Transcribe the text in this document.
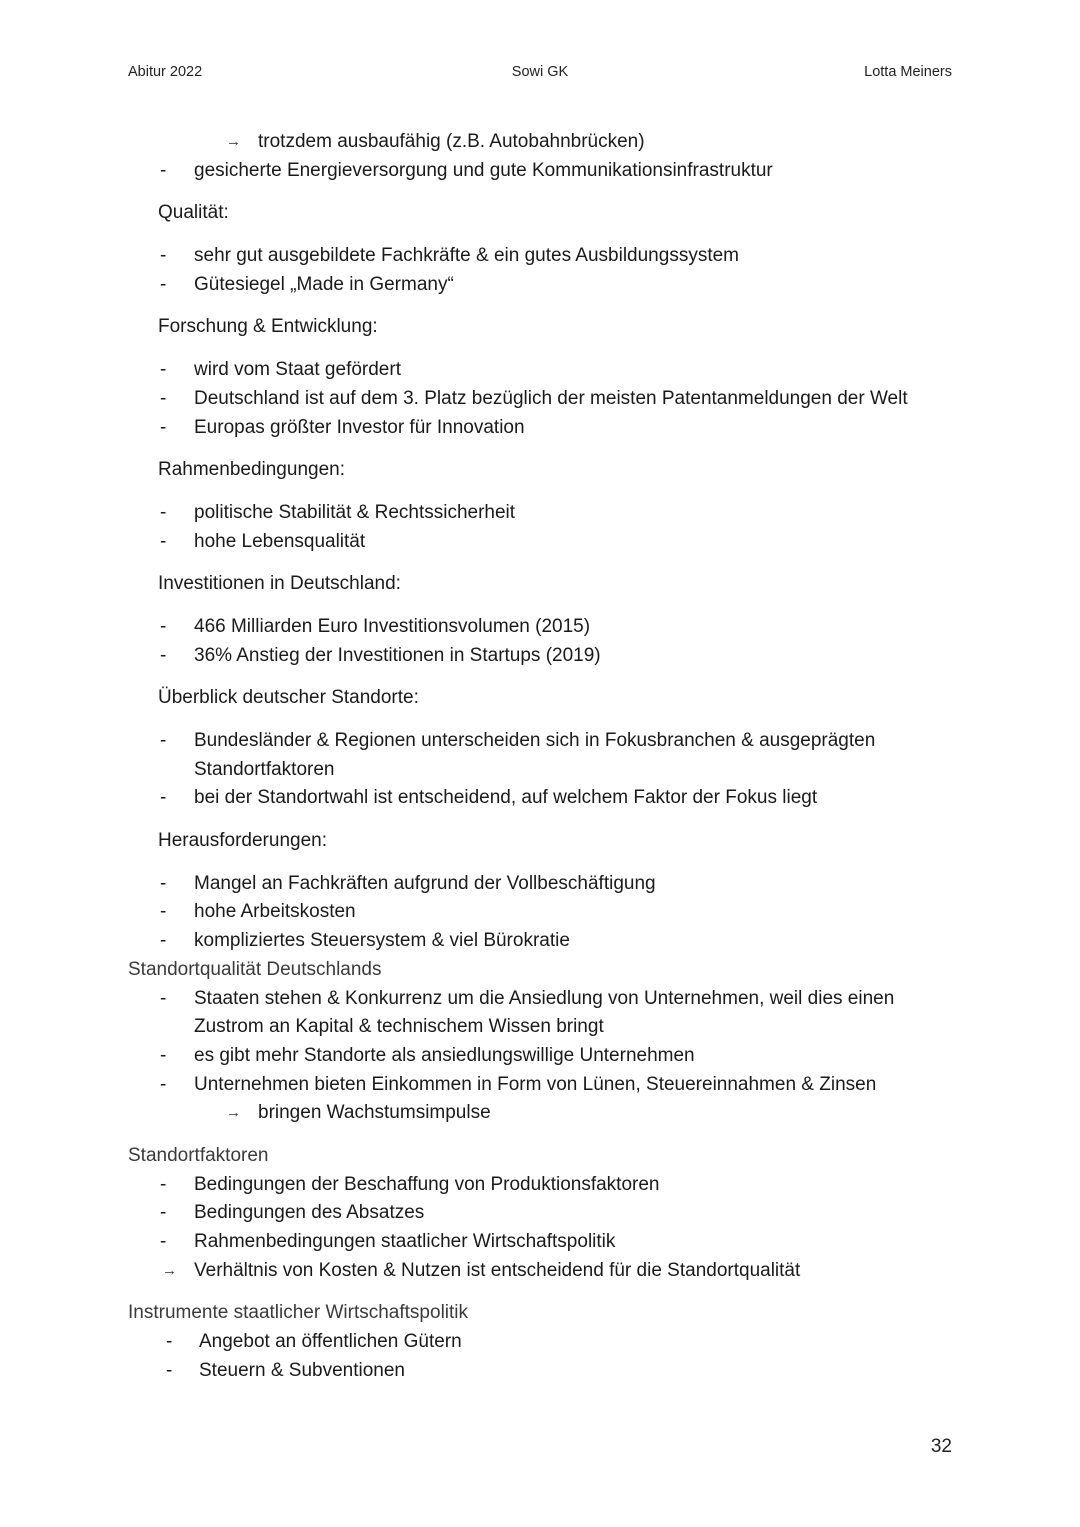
Abitur 2022	Sowi GK	Lotta Meiners
→ trotzdem ausbaufähig (z.B. Autobahnbrücken)
- gesicherte Energieversorgung und gute Kommunikationsinfrastruktur
Qualität:
- sehr gut ausgebildete Fachkräfte & ein gutes Ausbildungssystem
- Gütesiegel „Made in Germany“
Forschung & Entwicklung:
- wird vom Staat gefördert
- Deutschland ist auf dem 3. Platz bezüglich der meisten Patentanmeldungen der Welt
- Europas größter Investor für Innovation
Rahmenbedingungen:
- politische Stabilität & Rechtssicherheit
- hohe Lebensqualität
Investitionen in Deutschland:
- 466 Milliarden Euro Investitionsvolumen (2015)
- 36% Anstieg der Investitionen in Startups (2019)
Überblick deutscher Standorte:
- Bundesländer & Regionen unterscheiden sich in Fokusbranchen & ausgeprägten
Standortfaktoren
- bei der Standortwahl ist entscheidend, auf welchem Faktor der Fokus liegt
Herausforderungen:
- Mangel an Fachkräften aufgrund der Vollbeschäftigung
- hohe Arbeitskosten
- kompliziertes Steuersystem & viel Bürokratie
Standortqualität Deutschlands
- Staaten stehen & Konkurrenz um die Ansiedlung von Unternehmen, weil dies einen
Zustrom an Kapital & technischem Wissen bringt
- es gibt mehr Standorte als ansiedlungswillige Unternehmen
- Unternehmen bieten Einkommen in Form von Lünen, Steuereinnahmen & Zinsen
→ bringen Wachstumsimpulse
Standortfaktoren
- Bedingungen der Beschaffung von Produktionsfaktoren
- Bedingungen des Absatzes
- Rahmenbedingungen staatlicher Wirtschaftspolitik
→ Verhältnis von Kosten & Nutzen ist entscheidend für die Standortqualität
Instrumente staatlicher Wirtschaftspolitik
- Angebot an öffentlichen Gütern
- Steuern & Subventionen
32
